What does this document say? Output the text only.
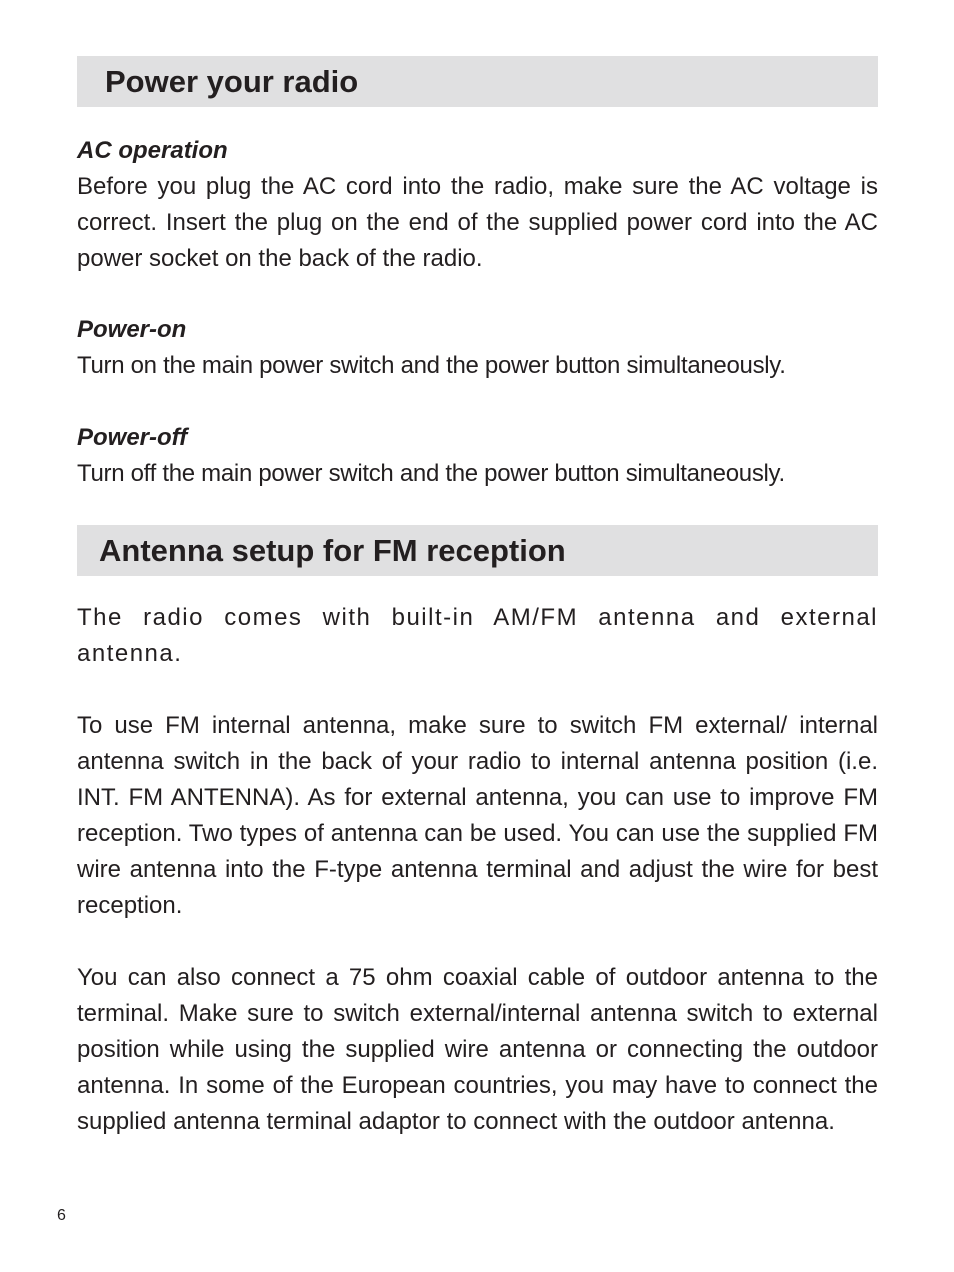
Power your radio
AC operation

Before you plug the AC cord into the radio, make sure the AC voltage is correct. Insert the plug on the end of the supplied power cord into the AC power socket on the back of the radio.

Power-on

Turn on the main power switch and the power button simultaneously.

Power-off

Turn off the main power switch and the power button simultaneously.

Antenna setup for FM reception

The radio comes with built-in AM/FM antenna and external antenna.

To use FM internal antenna, make sure to switch FM external/ internal antenna switch in the back of your radio to internal antenna position (i.e. INT. FM ANTENNA). As for external antenna, you can use to improve FM reception. Two types of antenna can be used. You can use the supplied FM wire antenna into the F-type antenna terminal and adjust the wire for best reception.

You can also connect a 75 ohm coaxial cable of outdoor antenna to the terminal. Make sure to switch external/internal antenna switch to external position while using the supplied wire antenna or connecting the outdoor antenna. In some of the European countries, you may have to connect the supplied antenna terminal adaptor to connect with the outdoor antenna.

6
